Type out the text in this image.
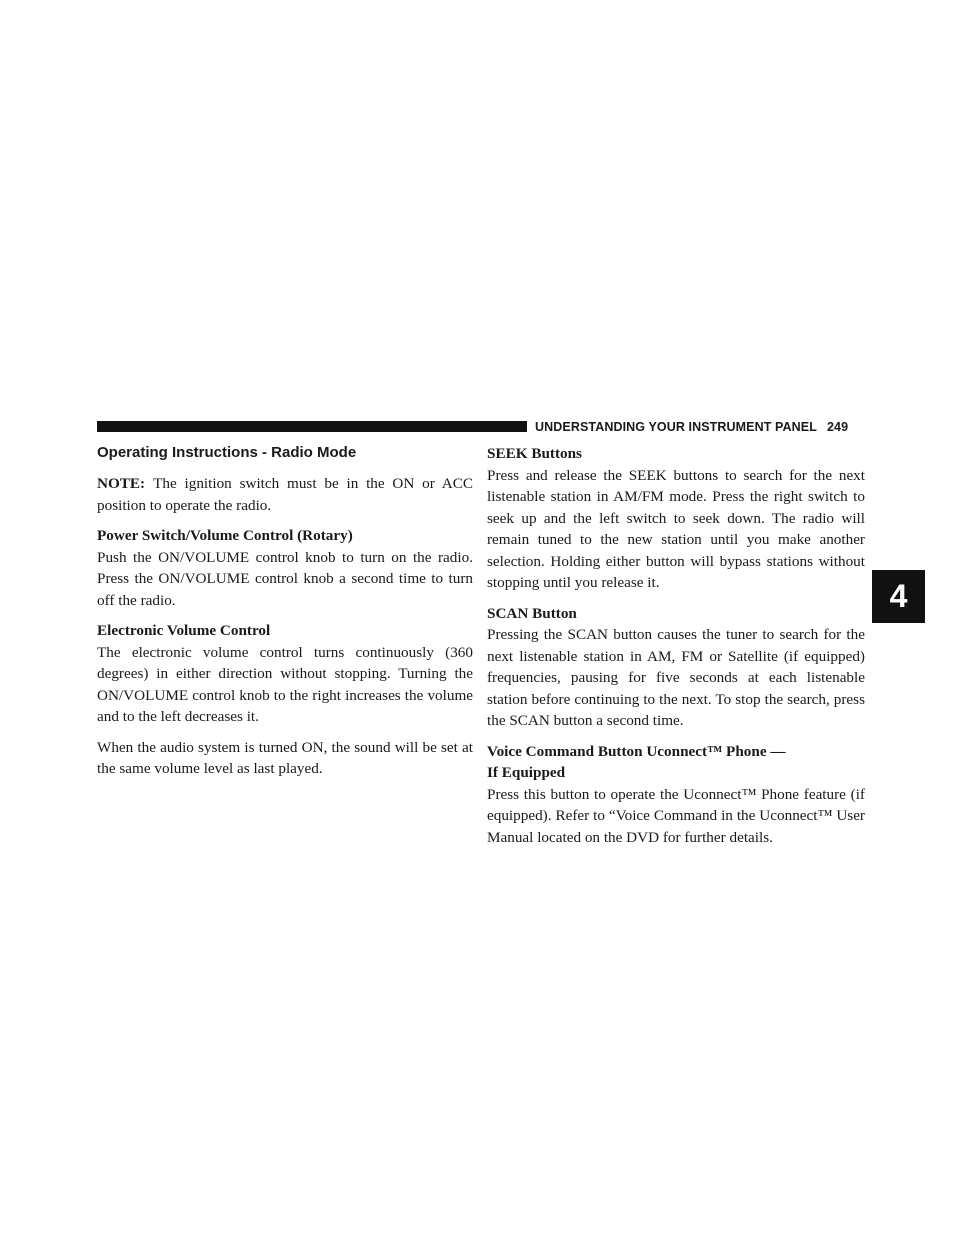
UNDERSTANDING YOUR INSTRUMENT PANEL 249
4
Operating Instructions - Radio Mode

NOTE: The ignition switch must be in the ON or ACC position to operate the radio.

Power Switch/Volume Control (Rotary)

Push the ON/VOLUME control knob to turn on the radio. Press the ON/VOLUME control knob a second time to turn off the radio.

Electronic Volume Control

The electronic volume control turns continuously (360 degrees) in either direction without stopping. Turning the ON/VOLUME control knob to the right increases the volume and to the left decreases it.

When the audio system is turned ON, the sound will be set at the same volume level as last played.

SEEK Buttons

Press and release the SEEK buttons to search for the next listenable station in AM/FM mode. Press the right switch to seek up and the left switch to seek down. The radio will remain tuned to the new station until you make another selection. Holding either button will bypass stations without stopping until you release it.

SCAN Button

Pressing the SCAN button causes the tuner to search for the next listenable station in AM, FM or Satellite (if equipped) frequencies, pausing for five seconds at each listenable station before continuing to the next. To stop the search, press the SCAN button a second time.

Voice Command Button Uconnect™ Phone —
If Equipped

Press this button to operate the Uconnect™ Phone feature (if equipped). Refer to “Voice Command in the Uconnect™ User Manual located on the DVD for further details.
